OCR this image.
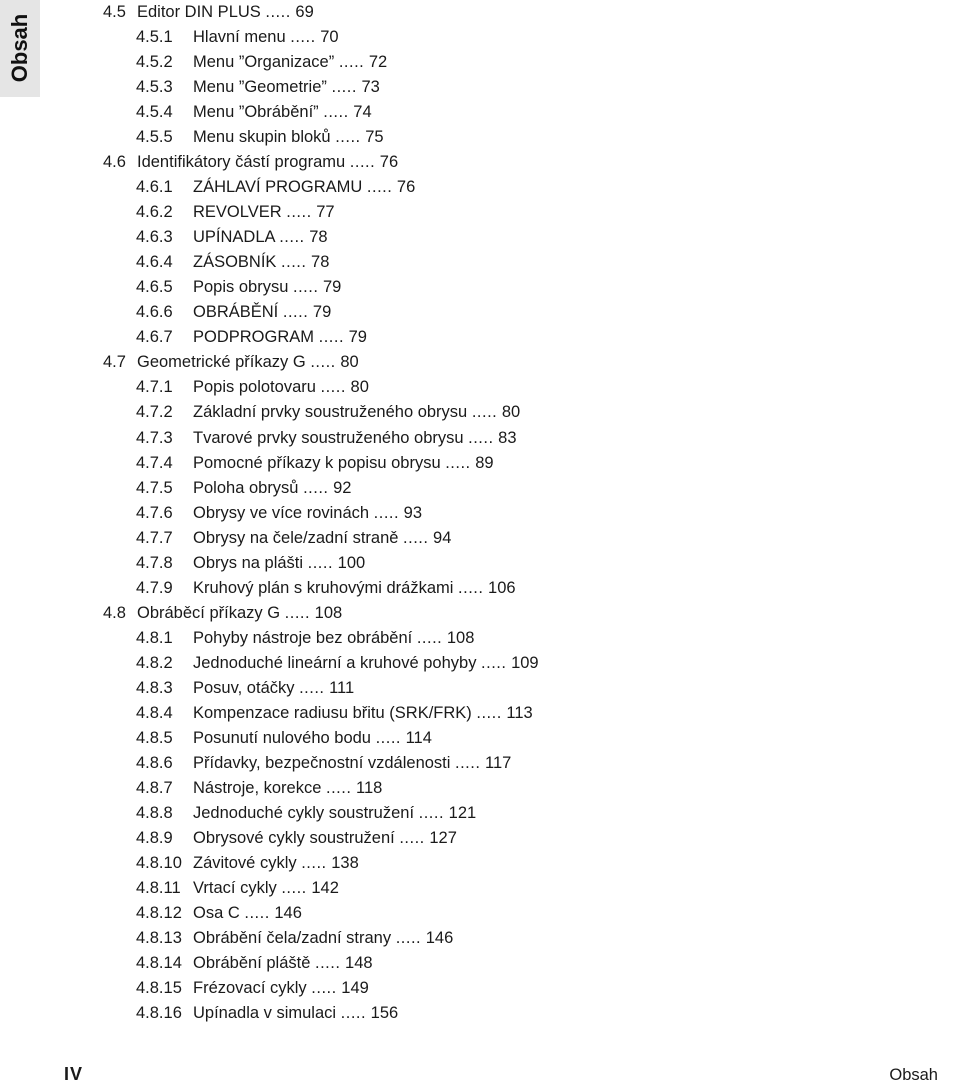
Obsah
4.5 Editor DIN PLUS ..... 69
4.5.1 Hlavní menu ..... 70
4.5.2 Menu ”Organizace” ..... 72
4.5.3 Menu ”Geometrie” ..... 73
4.5.4 Menu ”Obrábění” ..... 74
4.5.5 Menu skupin bloků ..... 75
4.6 Identifikátory částí programu ..... 76
4.6.1 ZÁHLAVÍ PROGRAMU ..... 76
4.6.2 REVOLVER ..... 77
4.6.3 UPÍNADLA ..... 78
4.6.4 ZÁSOBNÍK ..... 78
4.6.5 Popis obrysu ..... 79
4.6.6 OBRÁBĚNÍ ..... 79
4.6.7 PODPROGRAM ..... 79
4.7 Geometrické příkazy G ..... 80
4.7.1 Popis polotovaru ..... 80
4.7.2 Základní prvky soustruženého obrysu ..... 80
4.7.3 Tvarové prvky soustruženého obrysu ..... 83
4.7.4 Pomocné příkazy k popisu obrysu ..... 89
4.7.5 Poloha obrysů ..... 92
4.7.6 Obrysy ve více rovinách ..... 93
4.7.7 Obrysy na čele/zadní straně ..... 94
4.7.8 Obrys na plášti ..... 100
4.7.9 Kruhový plán s kruhovými drážkami ..... 106
4.8 Obráběcí příkazy G ..... 108
4.8.1 Pohyby nástroje bez obrábění ..... 108
4.8.2 Jednoduché lineární a kruhové pohyby ..... 109
4.8.3 Posuv, otáčky ..... 111
4.8.4 Kompenzace radiusu břitu (SRK/FRK) ..... 113
4.8.5 Posunutí nulového bodu ..... 114
4.8.6 Přídavky, bezpečnostní vzdálenosti ..... 117
4.8.7 Nástroje, korekce ..... 118
4.8.8 Jednoduché cykly soustružení ..... 121
4.8.9 Obrysové cykly soustružení ..... 127
4.8.10 Závitové cykly ..... 138
4.8.11 Vrtací cykly ..... 142
4.8.12 Osa C ..... 146
4.8.13 Obrábění čela/zadní strany ..... 146
4.8.14 Obrábění pláště ..... 148
4.8.15 Frézovací cykly ..... 149
4.8.16 Upínadla v simulaci ..... 156
IV	Obsah
